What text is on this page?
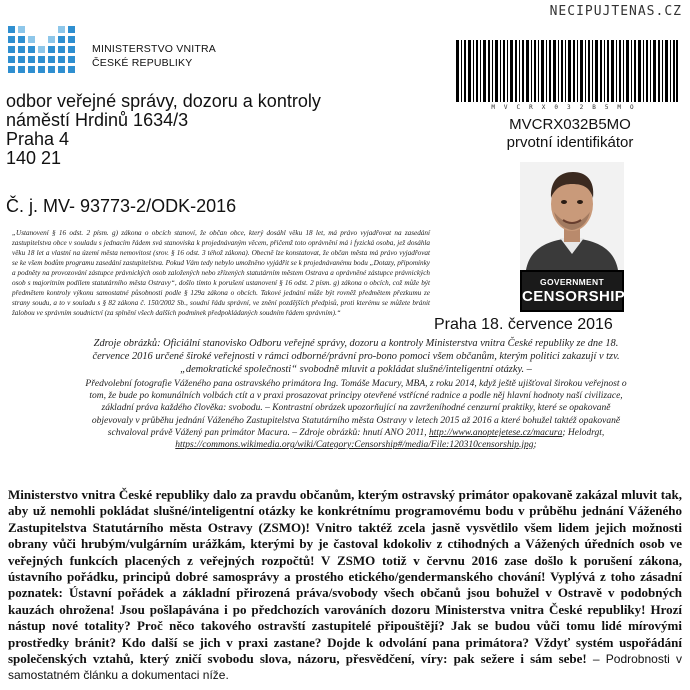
NECIPUJTENAS.CZ
MINISTERSTVO VNITRA
ČESKÉ REPUBLIKY
odbor veřejné správy, dozoru a kontroly
náměstí Hrdinů 1634/3
Praha 4
140 21
Č. j. MV- 93773-2/ODK-2016
MVCRX032B5MO
MVCRX032B5MO
prvotní identifikátor
GOVERNMENT
CENSORSHIP
„Ustanovení § 16 odst. 2 písm. g) zákona o obcích stanoví, že občan obce, který dosáhl věku 18 let, má právo vyjadřovat na zasedání zastupitelstva obce v souladu s jednacím řádem svá stanoviska k projednávaným věcem, přičemž toto oprávnění má i fyzická osoba, jež dosáhla věku 18 let a vlastní na území města nemovitost (srov. § 16 odst. 3 téhož zákona). Obecně lze konstatovat, že občan města má právo vyjadřovat se ke všem bodům programu zasedání zastupitelstva. Pokud Vám tedy nebylo umožněno vyjádřit se k projednávanému bodu „Dotazy, připomínky a podněty na provozování zástupce právnických osob založených nebo zřízených statutárním městem Ostrava a oprávněné zástupce právnických osob s majoritním podílem statutárního města Ostravy“, došlo tímto k porušení ustanovení § 16 odst. 2 písm. g) zákona o obcích, což může být předmětem kontroly výkonu samostatné působnosti podle § 129a zákona o obcích. Takové jednání může být rovněž předmětem přezkumu ze strany soudu, a to v souladu s § 82 zákona č. 150/2002 Sb., soudní řádu správní, ve znění pozdějších předpisů, proti kterému se můžete bránit žalobou ve správním soudnictví (za splnění všech dalších podmínek předpokládaných soudním řádem správním).“
Praha 18. července 2016
Zdroje obrázků: Oficiální stanovisko Odboru veřejné správy, dozoru a kontroly Ministerstva vnitra České republiky ze dne 18. července 2016 určené široké veřejnosti v rámci odborné/právní pro-bono pomoci všem občanům, kterým politici zakazují v tzv. „demokratické společnosti“ svobodně mluvit a pokládat slušné/inteligentní otázky. –
Předvolební fotografie Váženého pana ostravského primátora Ing. Tomáše Macury, MBA, z roku 2014, když ještě ujišťoval širokou veřejnost o tom, že bude po komunálních volbách ctít a v praxi prosazovat principy otevřené vstřícné radnice a podle něj hlavní hodnoty naší civilizace, základní práva každého člověka: svobodu. – Kontrastní obrázek upozorňující na zavrženíhodné cenzurní praktiky, které se opakovaně objevovaly v průběhu jednání Váženého Zastupitelstva Statutárního města Ostravy v letech 2015 až 2016 a které bohužel taktéž opakovaně schvaloval právě Vážený pan primátor Macura. – Zdroje obrázků: hnutí ANO 2011, http://www.anoptejetese.cz/macura; Helodrgt, https://commons.wikimedia.org/wiki/Category:Censorship#/media/File:120310censorship.jpg;
Ministerstvo vnitra České republiky dalo za pravdu občanům, kterým ostravský primátor opakovaně zakázal mluvit tak, aby už nemohli pokládat slušné/inteligentní otázky ke konkrétnímu programovému bodu v průběhu jednání Váženého Zastupitelstva Statutárního města Ostravy (ZSMO)! Vnitro taktéž zcela jasně vysvětlilo všem lidem jejich možnosti obrany vůči hrubým/vulgárním urážkám, kterými by je častoval kdokoliv z ctihodných a Vážených úředních osob ve veřejných funkcích placených z veřejných rozpočtů! V ZSMO totiž v červnu 2016 zase došlo k porušení zákona, ústavního pořádku, principů dobré samosprávy a prostého etického/gendermanského chování! Vyplývá z toho zásadní poznatek: Ústavní pořádek a základní přirozená práva/svobody všech občanů jsou bohužel v Ostravě v podobných kauzách ohrožena! Jsou pošlapávána i po předchozích varováních dozoru Ministerstva vnitra České republiky! Hrozí nástup nové totality? Proč něco takového ostravští zastupitelé připouštějí? Jak se budou vůči tomu lidé mírovými prostředky bránit? Kdo další se jich v praxi zastane? Dojde k odvolání pana primátora? Vždyť systém uspořádání společenských vztahů, který zničí svobodu slova, názoru, přesvědčení, víry: pak sežere i sám sebe! – Podrobnosti v samostatném článku a dokumentaci níže.
